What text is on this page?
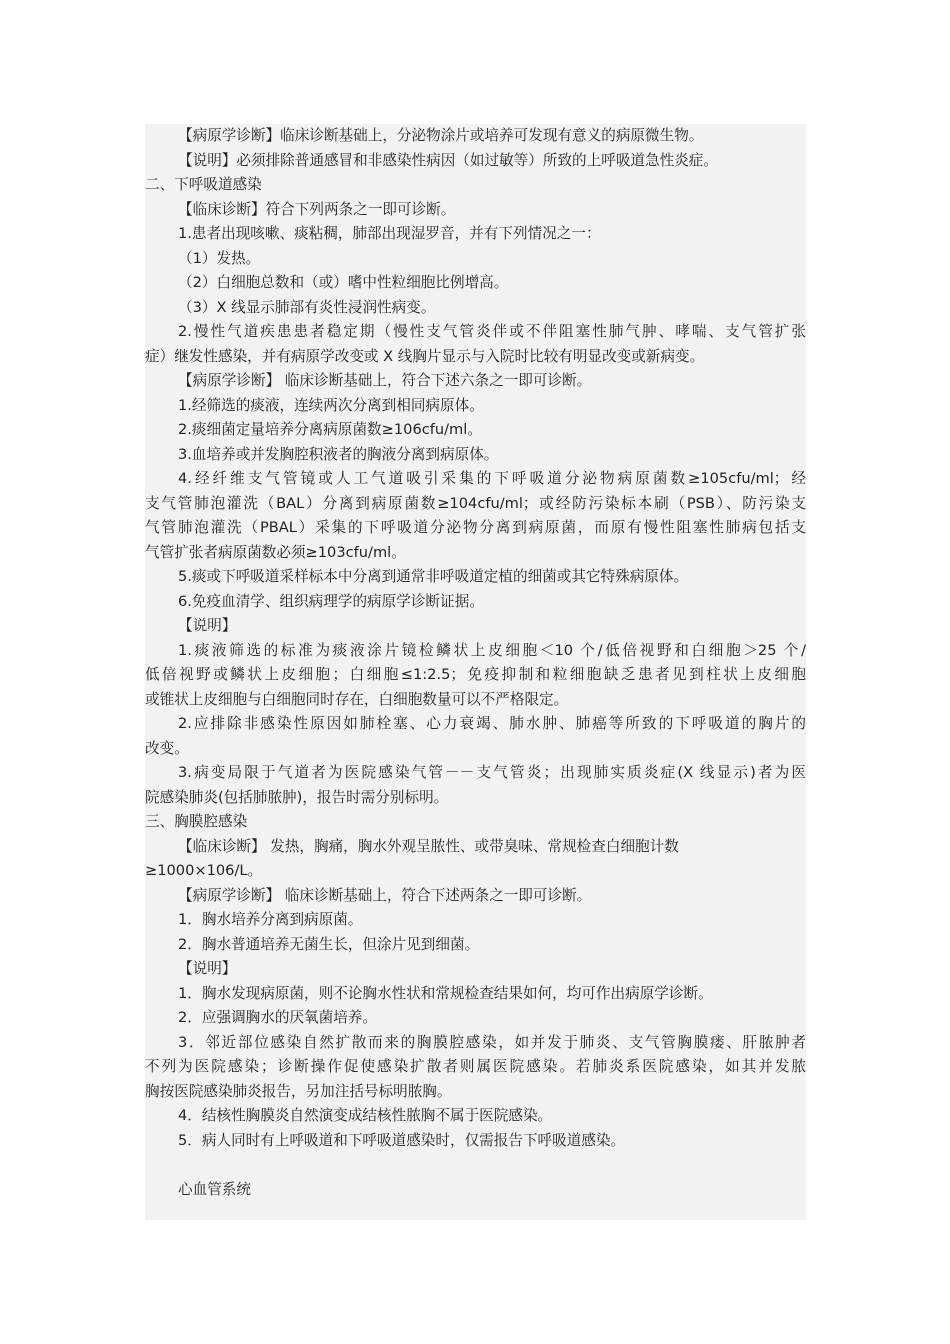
【病原学诊断】临床诊断基础上，分泌物涂片或培养可发现有意义的病原微生物。

【说明】必须排除普通感冒和非感染性病因（如过敏等）所致的上呼吸道急性炎症。

二、下呼吸道感染

【临床诊断】符合下列两条之一即可诊断。

1.患者出现咳嗽、痰粘稠，肺部出现湿罗音，并有下列情况之一：

（1）发热。

（2）白细胞总数和（或）嗜中性粒细胞比例增高。

（3）X 线显示肺部有炎性浸润性病变。

2.慢性气道疾患患者稳定期（慢性支气管炎伴或不伴阻塞性肺气肿、哮喘、支气管扩张

症）继发性感染，并有病原学改变或 X 线胸片显示与入院时比较有明显改变或新病变。

【病原学诊断】 临床诊断基础上，符合下述六条之一即可诊断。

1.经筛选的痰液，连续两次分离到相同病原体。

2.痰细菌定量培养分离病原菌数≥106cfu/ml。

3.血培养或并发胸腔积液者的胸液分离到病原体。

4.经纤维支气管镜或人工气道吸引采集的下呼吸道分泌物病原菌数≥105cfu/ml；经

支气管肺泡灌洗（BAL）分离到病原菌数≥104cfu/ml；或经防污染标本刷（PSB）、防污染支

气管肺泡灌洗（PBAL）采集的下呼吸道分泌物分离到病原菌，而原有慢性阻塞性肺病包括支

气管扩张者病原菌数必须≥103cfu/ml。

5.痰或下呼吸道采样标本中分离到通常非呼吸道定植的细菌或其它特殊病原体。

6.免疫血清学、组织病理学的病原学诊断证据。

【说明】

1.痰液筛选的标准为痰液涂片镜检鳞状上皮细胞＜10 个/低倍视野和白细胞＞25 个/

低倍视野或鳞状上皮细胞；白细胞≤1:2.5；免疫抑制和粒细胞缺乏患者见到柱状上皮细胞

或锥状上皮细胞与白细胞同时存在，白细胞数量可以不严格限定。

2.应排除非感染性原因如肺栓塞、心力衰竭、肺水肿、肺癌等所致的下呼吸道的胸片的

改变。

3.病变局限于气道者为医院感染气管－－支气管炎；出现肺实质炎症(X 线显示)者为医

院感染肺炎(包括肺脓肿)，报告时需分别标明。

三、胸膜腔感染

【临床诊断】 发热，胸痛，胸水外观呈脓性、或带臭味、常规检查白细胞计数

≥1000×106/L。

【病原学诊断】 临床诊断基础上，符合下述两条之一即可诊断。

1．胸水培养分离到病原菌。

2．胸水普通培养无菌生长，但涂片见到细菌。

【说明】

1．胸水发现病原菌，则不论胸水性状和常规检查结果如何，均可作出病原学诊断。

2．应强调胸水的厌氧菌培养。

3．邻近部位感染自然扩散而来的胸膜腔感染，如并发于肺炎、支气管胸膜瘘、肝脓肿者

不列为医院感染；诊断操作促使感染扩散者则属医院感染。若肺炎系医院感染，如其并发脓

胸按医院感染肺炎报告，另加注括号标明脓胸。

4．结核性胸膜炎自然演变成结核性脓胸不属于医院感染。

5．病人同时有上呼吸道和下呼吸道感染时，仅需报告下呼吸道感染。

心血管系统
